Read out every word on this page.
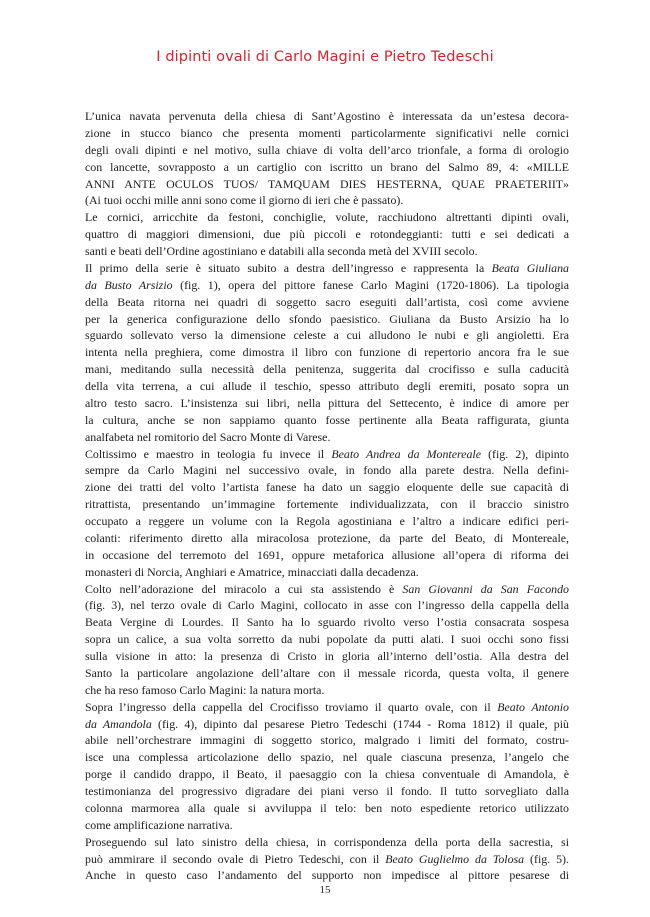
I dipinti ovali di Carlo Magini e Pietro Tedeschi
L’unica navata pervenuta della chiesa di Sant’Agostino è interessata da un’estesa decora-
zione in stucco bianco che presenta momenti particolarmente significativi nelle cornici
degli ovali dipinti e nel motivo, sulla chiave di volta dell’arco trionfale, a forma di orologio
con lancette, sovrapposto a un cartiglio con iscritto un brano del Salmo 89, 4: «MILLE
ANNI ANTE OCULOS TUOS/ TAMQUAM DIES HESTERNA, QUAE PRAETERIIT»
(Ai tuoi occhi mille anni sono come il giorno di ieri che è passato).
Le cornici, arricchite da festoni, conchiglie, volute, racchiudono altrettanti dipinti ovali,
quattro di maggiori dimensioni, due più piccoli e rotondeggianti: tutti e sei dedicati a
santi e beati dell’Ordine agostiniano e databili alla seconda metà del XVIII secolo.
Il primo della serie è situato subito a destra dell’ingresso e rappresenta la Beata Giuliana
da Busto Arsizio (fig. 1), opera del pittore fanese Carlo Magini (1720-1806). La tipologia
della Beata ritorna nei quadri di soggetto sacro eseguiti dall’artista, così come avviene
per la generica configurazione dello sfondo paesistico. Giuliana da Busto Arsizio ha lo
sguardo sollevato verso la dimensione celeste a cui alludono le nubi e gli angioletti. Era
intenta nella preghiera, come dimostra il libro con funzione di repertorio ancora fra le sue
mani, meditando sulla necessità della penitenza, suggerita dal crocifisso e sulla caducità
della vita terrena, a cui allude il teschio, spesso attributo degli eremiti, posato sopra un
altro testo sacro. L’insistenza sui libri, nella pittura del Settecento, è indice di amore per
la cultura, anche se non sappiamo quanto fosse pertinente alla Beata raffigurata, giunta
analfabeta nel romitorio del Sacro Monte di Varese.
Coltissimo e maestro in teologia fu invece il Beato Andrea da Montereale (fig. 2), dipinto
sempre da Carlo Magini nel successivo ovale, in fondo alla parete destra. Nella defini-
zione dei tratti del volto l’artista fanese ha dato un saggio eloquente delle sue capacità di
ritrattista, presentando un’immagine fortemente individualizzata, con il braccio sinistro
occupato a reggere un volume con la Regola agostiniana e l’altro a indicare edifici peri-
colanti: riferimento diretto alla miracolosa protezione, da parte del Beato, di Montereale,
in occasione del terremoto del 1691, oppure metaforica allusione all’opera di riforma dei
monasteri di Norcia, Anghiari e Amatrice, minacciati dalla decadenza.
Colto nell’adorazione del miracolo a cui sta assistendo è San Giovanni da San Facondo
(fig. 3), nel terzo ovale di Carlo Magini, collocato in asse con l’ingresso della cappella della
Beata Vergine di Lourdes. Il Santo ha lo sguardo rivolto verso l’ostia consacrata sospesa
sopra un calice, a sua volta sorretto da nubi popolate da putti alati. I suoi occhi sono fissi
sulla visione in atto: la presenza di Cristo in gloria all’interno dell’ostia. Alla destra del
Santo la particolare angolazione dell’altare con il messale ricorda, questa volta, il genere
che ha reso famoso Carlo Magini: la natura morta.
Sopra l’ingresso della cappella del Crocifisso troviamo il quarto ovale, con il Beato Antonio
da Amandola (fig. 4), dipinto dal pesarese Pietro Tedeschi (1744 - Roma 1812) il quale, più
abile nell’orchestrare immagini di soggetto storico, malgrado i limiti del formato, costru-
isce una complessa articolazione dello spazio, nel quale ciascuna presenza, l’angelo che
porge il candido drappo, il Beato, il paesaggio con la chiesa conventuale di Amandola, è
testimonianza del progressivo digradare dei piani verso il fondo. Il tutto sorvegliato dalla
colonna marmorea alla quale si avviluppa il telo: ben noto espediente retorico utilizzato
come amplificazione narrativa.
Proseguendo sul lato sinistro della chiesa, in corrispondenza della porta della sacrestia, si
può ammirare il secondo ovale di Pietro Tedeschi, con il Beato Guglielmo da Tolosa (fig. 5).
Anche in questo caso l’andamento del supporto non impedisce al pittore pesarese di
15
